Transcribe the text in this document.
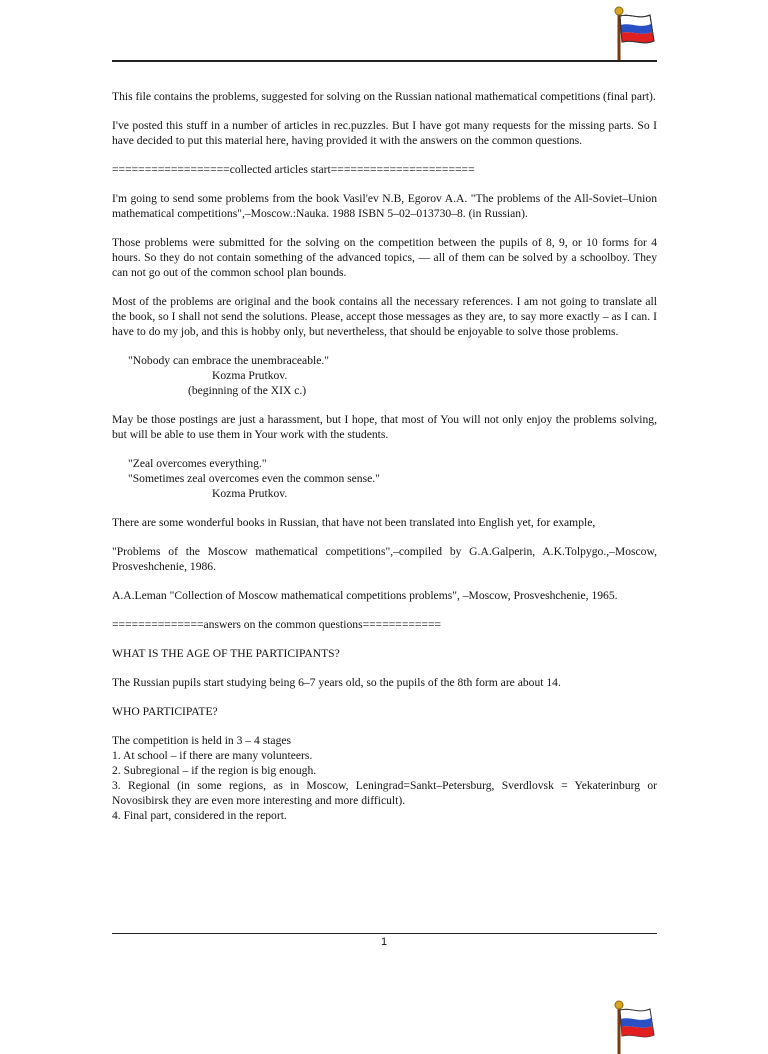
This file contains the problems, suggested for solving on the Russian national mathematical competitions (final part).

I've posted this stuff in a number of articles in rec.puzzles. But I have got many requests for the missing parts. So I have decided to put this material here, having provided it with the answers on the common questions.

==================collected articles start======================

I'm going to send some problems from the book Vasil'ev N.B, Egorov A.A. "The problems of the All-Soviet–Union mathematical competitions",–Moscow.:Nauka. 1988 ISBN 5–02–013730–8. (in Russian).

Those problems were submitted for the solving on the competition between the pupils of 8, 9, or 10 forms for 4 hours. So they do not contain something of the advanced topics, — all of them can be solved by a schoolboy. They can not go out of the common school plan bounds.

Most of the problems are original and the book contains all the necessary references. I am not going to translate all the book, so I shall not send the solutions. Please, accept those messages as they are, to say more exactly – as I can. I have to do my job, and this is hobby only, but nevertheless, that should be enjoyable to solve those problems.

"Nobody can embrace the unembraceable."
Kozma Prutkov.
(beginning of the XIX c.)

May be those postings are just a harassment, but I hope, that most of You will not only enjoy the problems solving, but will be able to use them in Your work with the students.

"Zeal overcomes everything."
"Sometimes zeal overcomes even the common sense."
Kozma Prutkov.

There are some wonderful books in Russian, that have not been translated into English yet, for example,

"Problems of the Moscow mathematical competitions",–compiled by G.A.Galperin, A.K.Tolpygo.,–Moscow, Prosveshchenie, 1986.

A.A.Leman "Collection of Moscow mathematical competitions problems", –Moscow, Prosveshchenie, 1965.

==============answers on the common questions============

WHAT IS THE AGE OF THE PARTICIPANTS?

The Russian pupils start studying being 6–7 years old, so the pupils of the 8th form are about 14.

WHO PARTICIPATE?

The competition is held in 3 – 4 stages

1. At school – if there are many volunteers.
2. Subregional – if the region is big enough.
3. Regional (in some regions, as in Moscow, Leningrad=Sankt–Petersburg, Sverdlovsk = Yekaterinburg or Novosibirsk they are even more interesting and more difficult).
4. Final part, considered in the report.
1
